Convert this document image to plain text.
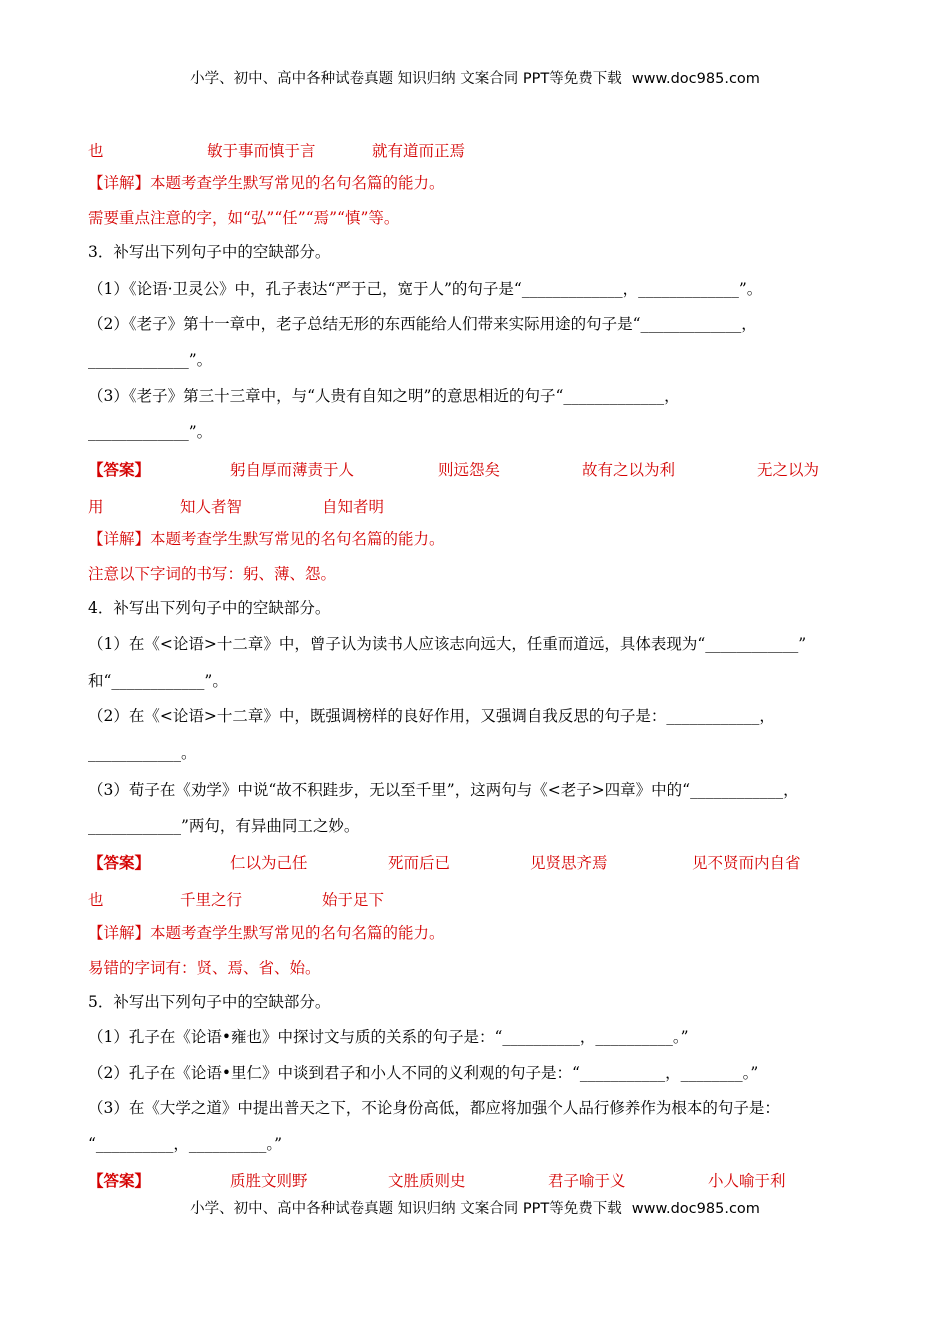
小学、初中、高中各种试卷真题 知识归纳 文案合同 PPT等免费下载 www.doc985.com
也	敏于事而慎于言	就有道而正焉
【详解】本题考查学生默写常见的名句名篇的能力。
需要重点注意的字，如“弘”“任”“焉”“慎”等。
3．补写出下列句子中的空缺部分。
（1）《论语·卫灵公》中，孔子表达“严于己，宽于人”的句子是“_____________，_____________”。
（2）《老子》第十一章中，老子总结无形的东西能给人们带来实际用途的句子是“_____________，
_____________”。
（3）《老子》第三十三章中，与“人贵有自知之明”的意思相近的句子“_____________，
_____________”。
【答案】	躬自厚而薄责于人	则远怨矣	故有之以为利	无之以为
用	知人者智	自知者明
【详解】本题考查学生默写常见的名句名篇的能力。
注意以下字词的书写：躬、薄、怨。
4．补写出下列句子中的空缺部分。
（1）在《<论语>十二章》中，曾子认为读书人应该志向远大，任重而道远，具体表现为“____________”
和“____________”。
（2）在《<论语>十二章》中，既强调榜样的良好作用，又强调自我反思的句子是：____________，
____________。
（3）荀子在《劝学》中说“故不积跬步，无以至千里”，这两句与《<老子>四章》中的“____________，
____________”两句，有异曲同工之妙。
【答案】	仁以为己任	死而后已	见贤思齐焉	见不贤而内自省
也	千里之行	始于足下
【详解】本题考查学生默写常见的名句名篇的能力。
易错的字词有：贤、焉、省、始。
5．补写出下列句子中的空缺部分。
（1）孔子在《论语•雍也》中探讨文与质的关系的句子是：“__________，__________。”
（2）孔子在《论语•里仁》中谈到君子和小人不同的义利观的句子是：“___________，________。”
（3）在《大学之道》中提出普天之下，不论身份高低，都应将加强个人品行修养作为根本的句子是：
“__________，__________。”
【答案】	质胜文则野	文胜质则史	君子喻于义	小人喻于利
小学、初中、高中各种试卷真题 知识归纳 文案合同 PPT等免费下载 www.doc985.com
